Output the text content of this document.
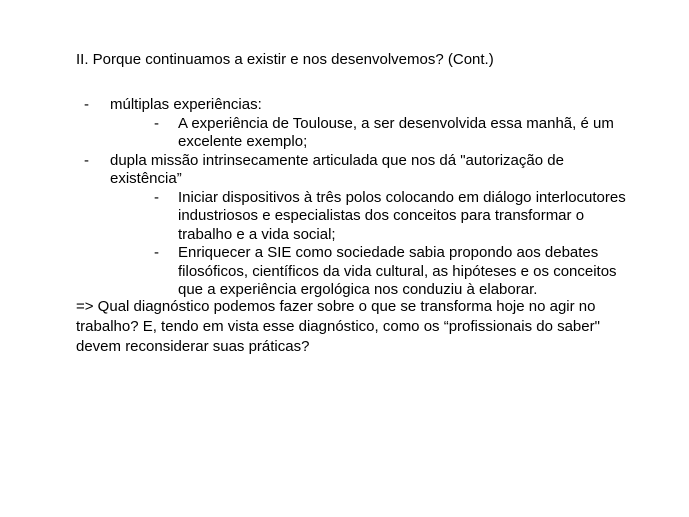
II. Porque continuamos a existir e nos desenvolvemos? (Cont.)
- múltiplas experiências:
- A experiência de Toulouse, a ser desenvolvida essa manhã, é um excelente exemplo;
- dupla missão intrinsecamente articulada que nos dá "autorização de existência”
- Iniciar dispositivos à três polos colocando em diálogo interlocutores industriosos e especialistas dos conceitos para transformar o trabalho e a vida social;
- Enriquecer a SIE como sociedade sabia propondo aos debates filosóficos, científicos da vida cultural, as hipóteses e os conceitos que a experiência ergológica nos conduziu à elaborar.
=> Qual diagnóstico podemos fazer sobre o que se transforma hoje no agir no trabalho? E, tendo em vista esse diagnóstico, como os “profissionais do saber" devem reconsiderar suas práticas?
